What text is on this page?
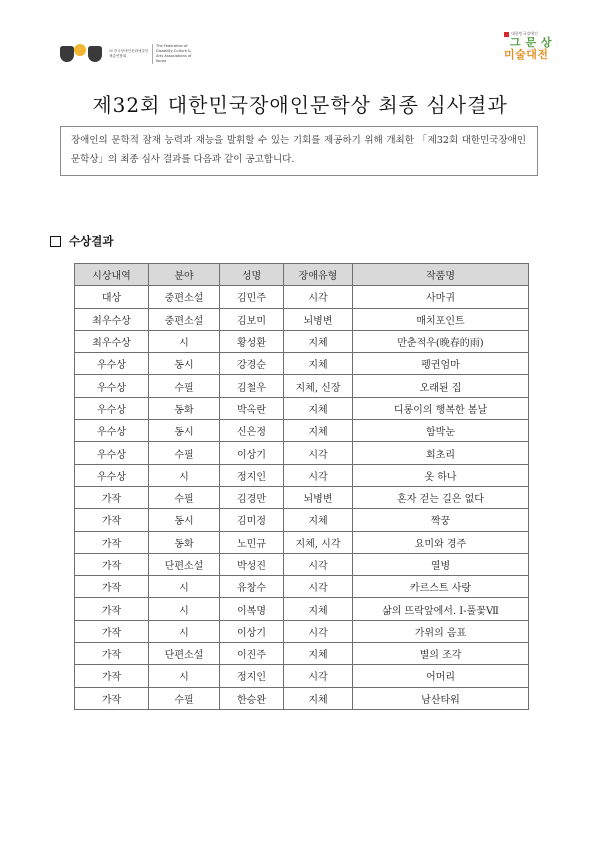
㈔ 한국장애인문화예술단체총연합회
The Federation of Disability Culture & Arts Associations of Korea
대한민국장애인
그 문 상
미술대전
제32회 대한민국장애인문학상 최종 심사결과
장애인의 문학적 잠재 능력과 재능을 발휘할 수 있는 기회를 제공하기 위해 개최한 「제32회 대한민국장애인문학상」의 최종 심사 결과를 다음과 같이 공고합니다.
수상결과
시상내역	분야	성명	장애유형	작품명
대상	중편소설	김민주	시각	사마귀
최우수상	중편소설	김보미	뇌병변	매치포인트
최우수상	시	황성환	지체	만춘적우(晩春的雨)
우수상	동시	강경순	지체	펭귄엄마
우수상	수필	김철우	지체, 신장	오래된 집
우수상	동화	박옥란	지체	디롱이의 행복한 봄날
우수상	동시	신은정	지체	함박눈
우수상	수필	이상기	시각	회초리
우수상	시	정지인	시각	옷 하나
가작	수필	김경만	뇌병변	혼자 걷는 길은 없다
가작	동시	김미정	지체	짝꿍
가작	동화	노민규	지체, 시각	요미와 경주
가작	단편소설	박성진	시각	열병
가작	시	유창수	시각	카르스트 사랑
가작	시	이복명	지체	삶의 뜨락앞에서. Ⅰ-풀꽃Ⅶ
가작	시	이상기	시각	가위의 음표
가작	단편소설	이진주	지체	별의 조각
가작	시	정지인	시각	어머리
가작	수필	한승완	지체	남산타워
